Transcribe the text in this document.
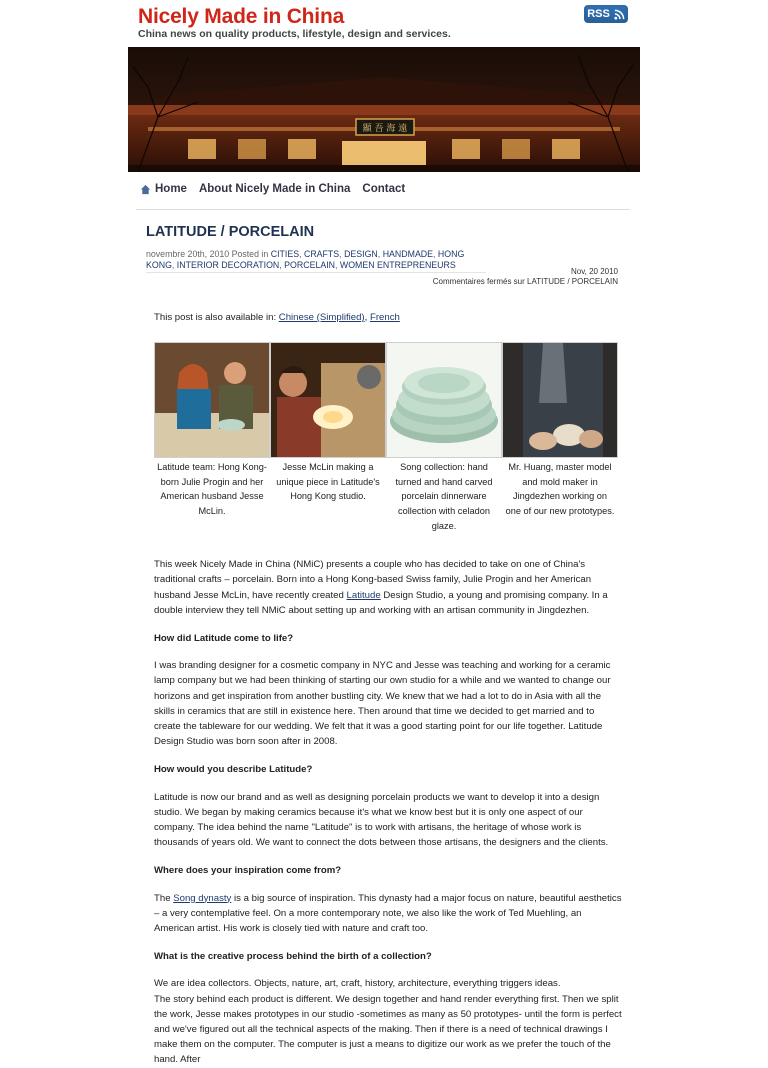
Nicely Made in China
China news on quality products, lifestyle, design and services.
RSS
顯 吾 海 遠
Home About Nicely Made in China Contact
LATITUDE / PORCELAIN
novembre 20th, 2010 Posted in CITIES, CRAFTS, DESIGN, HANDMADE, HONG KONG, INTERIOR DECORATION, PORCELAIN, WOMEN ENTREPRENEURS
Nov, 20 2010
Commentaires fermés sur LATITUDE / PORCELAIN
This post is also available in: Chinese (Simplified), French
Latitude team: Hong Kong-born Julie Progin and her American husband Jesse McLin.
Jesse McLin making a unique piece in Latitude's Hong Kong studio.
Song collection: hand turned and hand carved porcelain dinnerware collection with celadon glaze.
Mr. Huang, master model and mold maker in Jingdezhen working on one of our new prototypes.
This week Nicely Made in China (NMiC) presents a couple who has decided to take on one of China's traditional crafts – porcelain. Born into a Hong Kong-based Swiss family, Julie Progin and her American husband Jesse McLin, have recently created Latitude Design Studio, a young and promising company. In a double interview they tell NMiC about setting up and working with an artisan community in Jingdezhen.
How did Latitude come to life?
I was branding designer for a cosmetic company in NYC and Jesse was teaching and working for a ceramic lamp company but we had been thinking of starting our own studio for a while and we wanted to change our horizons and get inspiration from another bustling city. We knew that we had a lot to do in Asia with all the skills in ceramics that are still in existence here. Then around that time we decided to get married and to create the tableware for our wedding. We felt that it was a good starting point for our life together. Latitude Design Studio was born soon after in 2008.
How would you describe Latitude?
Latitude is now our brand and as well as designing porcelain products we want to develop it into a design studio. We began by making ceramics because it's what we know best but it is only one aspect of our company. The idea behind the name "Latitude" is to work with artisans, the heritage of whose work is thousands of years old. We want to connect the dots between those artisans, the designers and the clients.
Where does your inspiration come from?
The Song dynasty is a big source of inspiration. This dynasty had a major focus on nature, beautiful aesthetics – a very contemplative feel. On a more contemporary note, we also like the work of Ted Muehling, an American artist. His work is closely tied with nature and craft too.
What is the creative process behind the birth of a collection?
We are idea collectors. Objects, nature, art, craft, history, architecture, everything triggers ideas.
The story behind each product is different. We design together and hand render everything first. Then we split the work, Jesse makes prototypes in our studio -sometimes as many as 50 prototypes- until the form is perfect and we've figured out all the technical aspects of the making. Then if there is a need of technical drawings I make them on the computer. The computer is just a means to digitize our work as we prefer the touch of the hand. After
